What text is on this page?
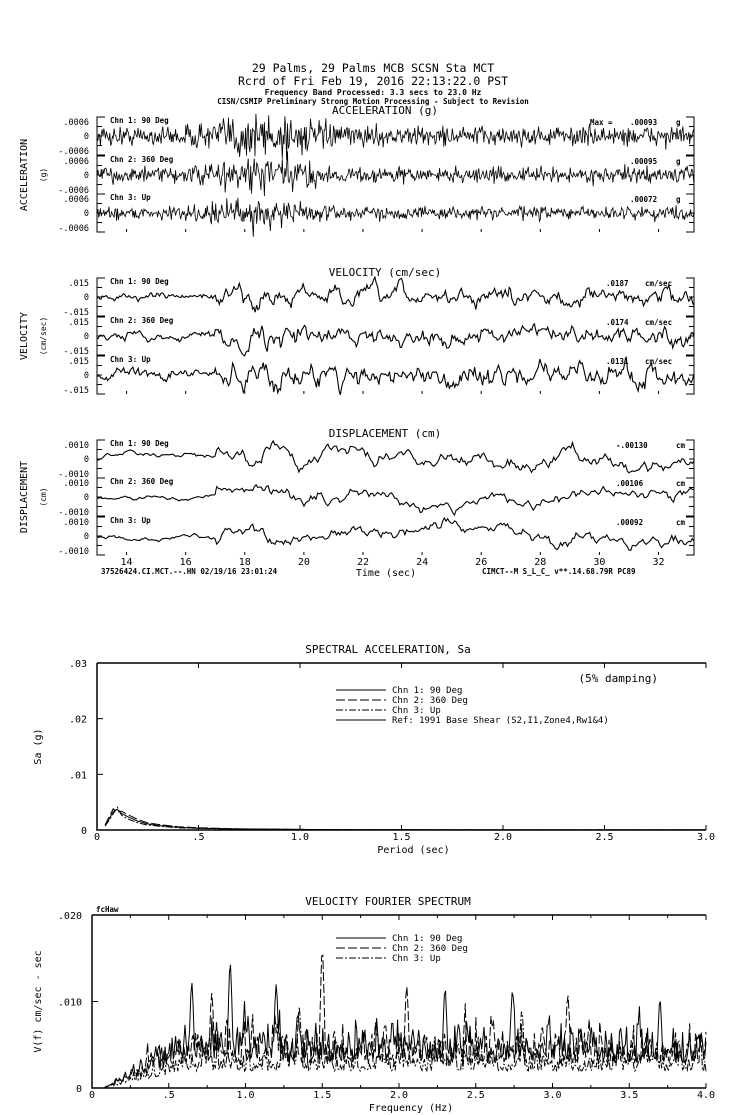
29 Palms, 29 Palms MCB SCSN Sta MCT
Rcrd of Fri Feb 19, 2016 22:13:22.0 PST
Frequency Band Processed: 3.3 secs to 23.0 Hz
CISN/CSMIP Preliminary Strong Motion Processing - Subject to Revision
ACCELERATION (g)
ACCELERATION (g)
.0006
0
-.0006
Chn 1: 90 Deg	Max = .00093	g
.0006
0
-.0006
Chn 2: 360 Deg	.00095	g
.0006
0
-.0006
Chn 3: Up	.00072	g
VELOCITY (cm/sec)
VELOCITY (cm/sec)
.015
0
-.015
Chn 1: 90 Deg	.0187 cm/sec
.015
0
-.015
Chn 2: 360 Deg	.0174 cm/sec
.015
0
-.015
Chn 3: Up	.0131 cm/sec
DISPLACEMENT (cm)
DISPLACEMENT (cm)
.0010
0
-.0010
Chn 1: 90 Deg	-.00130	cm
.0010
0
-.0010
Chn 2: 360 Deg	.00106	cm
.0010
0
-.0010
Chn 3: Up	.00092	cm
14	16	18	20	22	24	26	28	30	32
Time (sec)
37526424.CI.MCT.--.HN 02/19/16 23:01:24	CIMCT--M S_L_C_ v**.14.68.79R PC89
SPECTRAL ACCELERATION, Sa
0	.5	1.0	1.5	2.0	2.5	3.0
0
.01
.02
.03
Period (sec)
Sa (g)
(5% damping)
Chn 1: 90 Deg
Chn 2: 360 Deg
Chn 3: Up
Ref: 1991 Base Shear (S2,I1,Zone4,Rw1&4)
VELOCITY FOURIER SPECTRUM
0	.5	1.0	1.5	2.0	2.5	3.0	3.5	4.0
0
.010
.020
Frequency (Hz)
V(f) cm/sec - sec
fcHaw
Chn 1: 90 Deg
Chn 2: 360 Deg
Chn 3: Up
